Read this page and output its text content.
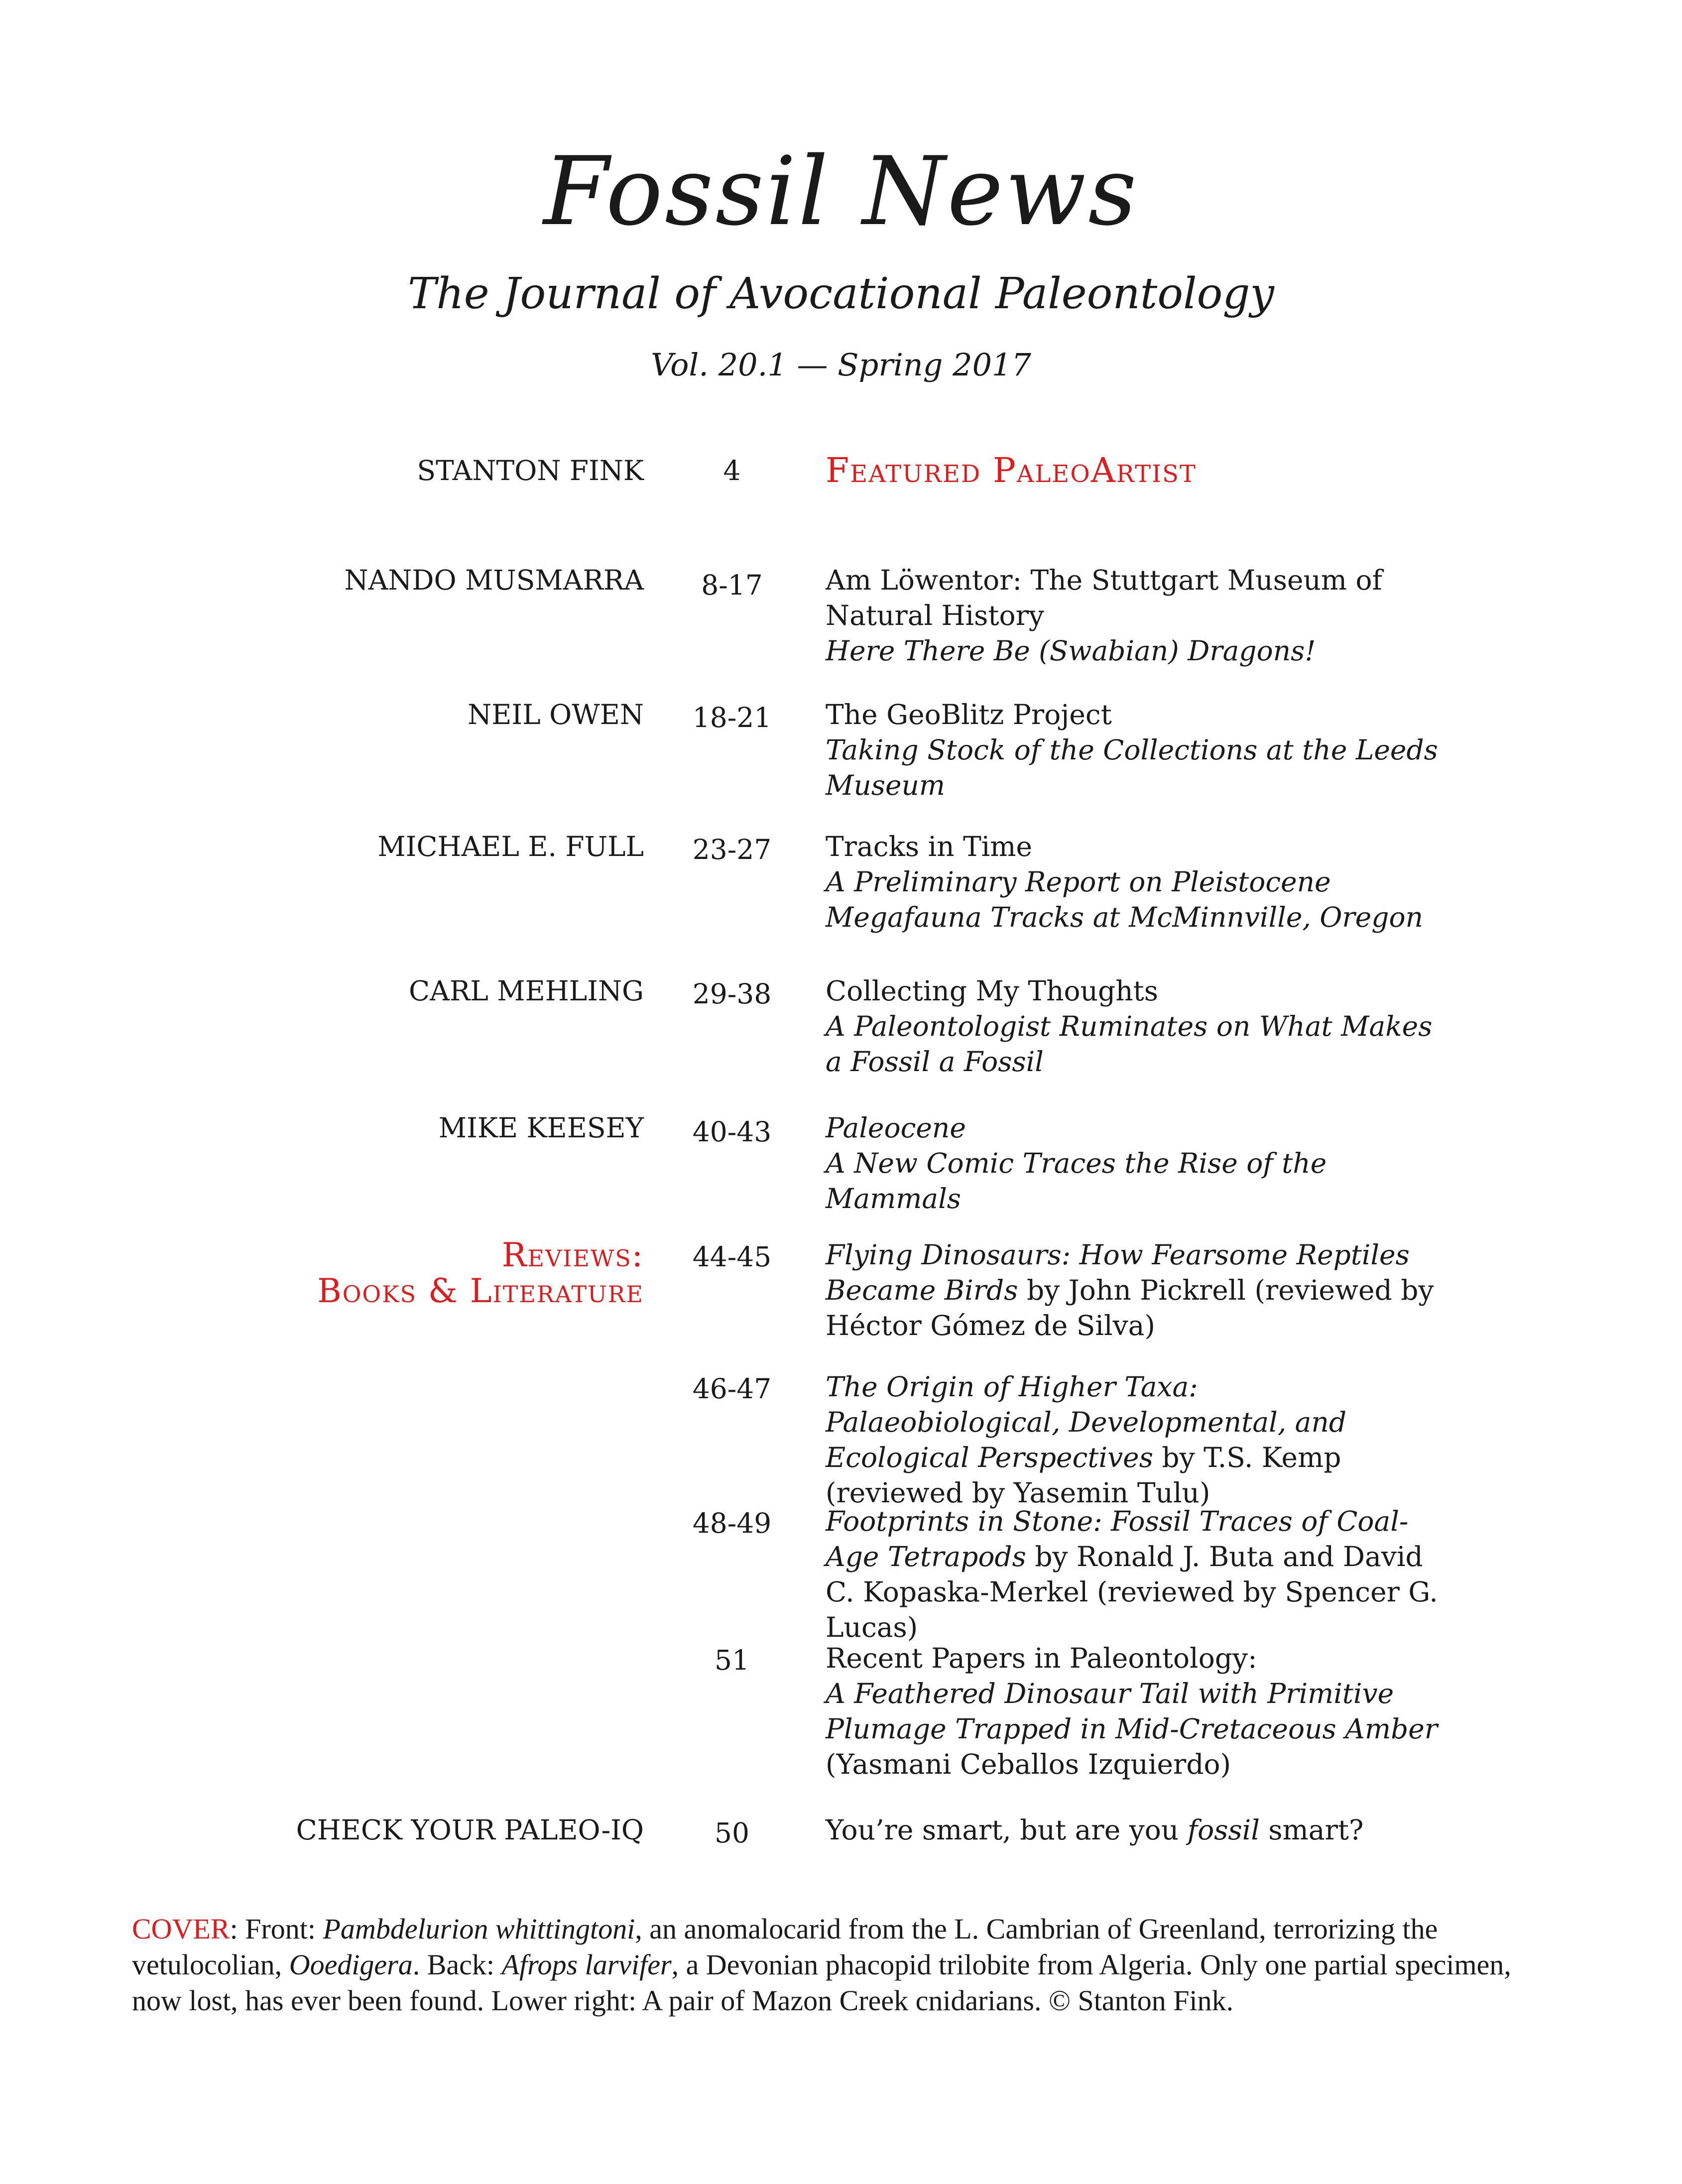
Fossil News
The Journal of Avocational Paleontology
Vol. 20.1 — Spring 2017
STANTON FINK	4	Featured PaleoArtist
NANDO MUSMARRA	8-17	Am Löwentor: The Stuttgart Museum of Natural History
Here There Be (Swabian) Dragons!
NEIL OWEN	18-21	The GeoBlitz Project
Taking Stock of the Collections at the Leeds Museum
MICHAEL E. FULL	23-27	Tracks in Time
A Preliminary Report on Pleistocene Megafauna Tracks at McMinnville, Oregon
CARL MEHLING	29-38	Collecting My Thoughts
A Paleontologist Ruminates on What Makes a Fossil a Fossil
MIKE KEESEY	40-43	Paleocene
A New Comic Traces the Rise of the Mammals
Reviews:
Books & Literature
44-45	Flying Dinosaurs: How Fearsome Reptiles Became Birds by John Pickrell (reviewed by Héctor Gómez de Silva)
46-47	The Origin of Higher Taxa: Palaeobiological, Developmental, and Ecological Perspectives by T.S. Kemp (reviewed by Yasemin Tulu)
48-49	Footprints in Stone: Fossil Traces of Coal-Age Tetrapods by Ronald J. Buta and David C. Kopaska-Merkel (reviewed by Spencer G. Lucas)
51	Recent Papers in Paleontology:
A Feathered Dinosaur Tail with Primitive Plumage Trapped in Mid-Cretaceous Amber (Yasmani Ceballos Izquierdo)
CHECK YOUR PALEO-IQ	50	You’re smart, but are you fossil smart?
COVER: Front: Pambdelurion whittingtoni, an anomalocarid from the L. Cambrian of Greenland, terrorizing the vetulocolian, Ooedigera. Back: Afrops larvifer, a Devonian phacopid trilobite from Algeria. Only one partial specimen, now lost, has ever been found. Lower right: A pair of Mazon Creek cnidarians. © Stanton Fink.
